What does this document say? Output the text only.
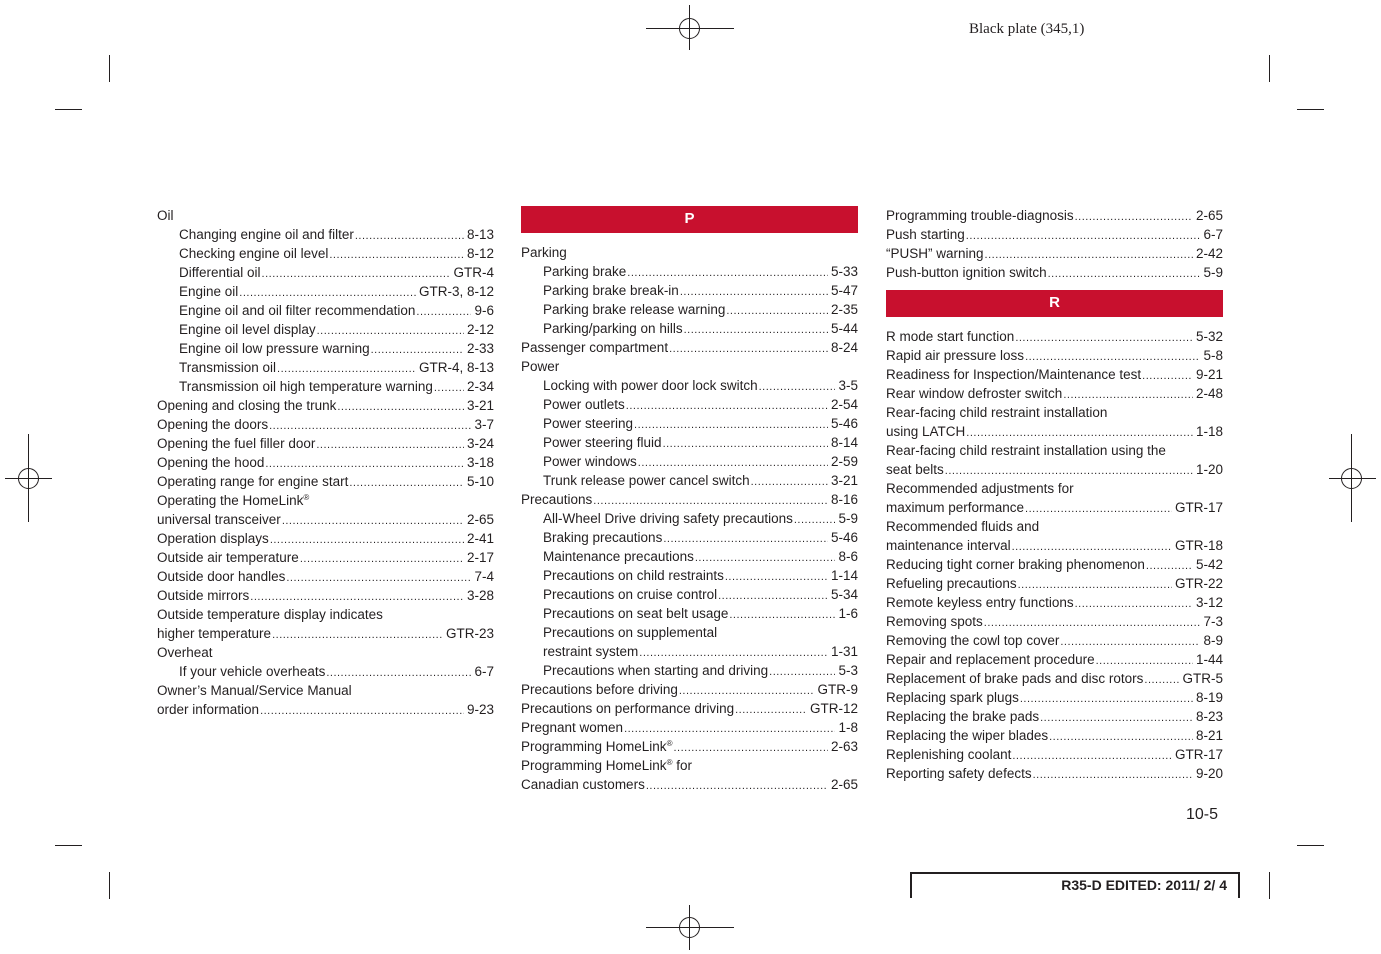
Black plate (345,1)
Oil
Changing engine oil and filter .....	8-13
Checking engine oil level .....	8-12
Differential oil .....	GTR-4
Engine oil .....	GTR-3, 8-12
Engine oil and oil filter recommendation .....	9-6
Engine oil level display .....	2-12
Engine oil low pressure warning .....	2-33
Transmission oil .....	GTR-4, 8-13
Transmission oil high temperature warning .....	2-34
Opening and closing the trunk .....	3-21
Opening the doors .....	3-7
Opening the fuel filler door .....	3-24
Opening the hood .....	3-18
Operating range for engine start .....	5-10
Operating the HomeLink®
universal transceiver .....	2-65
Operation displays .....	2-41
Outside air temperature .....	2-17
Outside door handles .....	7-4
Outside mirrors .....	3-28
Outside temperature display indicates
higher temperature .....	GTR-23
Overheat
If your vehicle overheats .....	6-7
Owner’s Manual/Service Manual
order information .....	9-23
P
Parking
Parking brake .....	5-33
Parking brake break-in .....	5-47
Parking brake release warning .....	2-35
Parking/parking on hills .....	5-44
Passenger compartment .....	8-24
Power
Locking with power door lock switch .....	3-5
Power outlets .....	2-54
Power steering .....	5-46
Power steering fluid .....	8-14
Power windows .....	2-59
Trunk release power cancel switch .....	3-21
Precautions .....	8-16
All-Wheel Drive driving safety precautions .....	5-9
Braking precautions .....	5-46
Maintenance precautions .....	8-6
Precautions on child restraints .....	1-14
Precautions on cruise control .....	5-34
Precautions on seat belt usage .....	1-6
Precautions on supplemental
restraint system .....	1-31
Precautions when starting and driving .....	5-3
Precautions before driving .....	GTR-9
Precautions on performance driving .....	GTR-12
Pregnant women .....	1-8
Programming HomeLink® .....	2-63
Programming HomeLink® for
Canadian customers .....	2-65
Programming trouble-diagnosis .....	2-65
Push starting .....	6-7
“PUSH” warning .....	2-42
Push-button ignition switch .....	5-9
R
R mode start function .....	5-32
Rapid air pressure loss .....	5-8
Readiness for Inspection/Maintenance test .....	9-21
Rear window defroster switch .....	2-48
Rear-facing child restraint installation
using LATCH .....	1-18
Rear-facing child restraint installation using the
seat belts .....	1-20
Recommended adjustments for
maximum performance .....	GTR-17
Recommended fluids and
maintenance interval .....	GTR-18
Reducing tight corner braking phenomenon .....	5-42
Refueling precautions .....	GTR-22
Remote keyless entry functions .....	3-12
Removing spots .....	7-3
Removing the cowl top cover .....	8-9
Repair and replacement procedure .....	1-44
Replacement of brake pads and disc rotors .....	GTR-5
Replacing spark plugs .....	8-19
Replacing the brake pads .....	8-23
Replacing the wiper blades .....	8-21
Replenishing coolant .....	GTR-17
Reporting safety defects .....	9-20
10-5
R35-D EDITED: 2011/ 2/ 4
